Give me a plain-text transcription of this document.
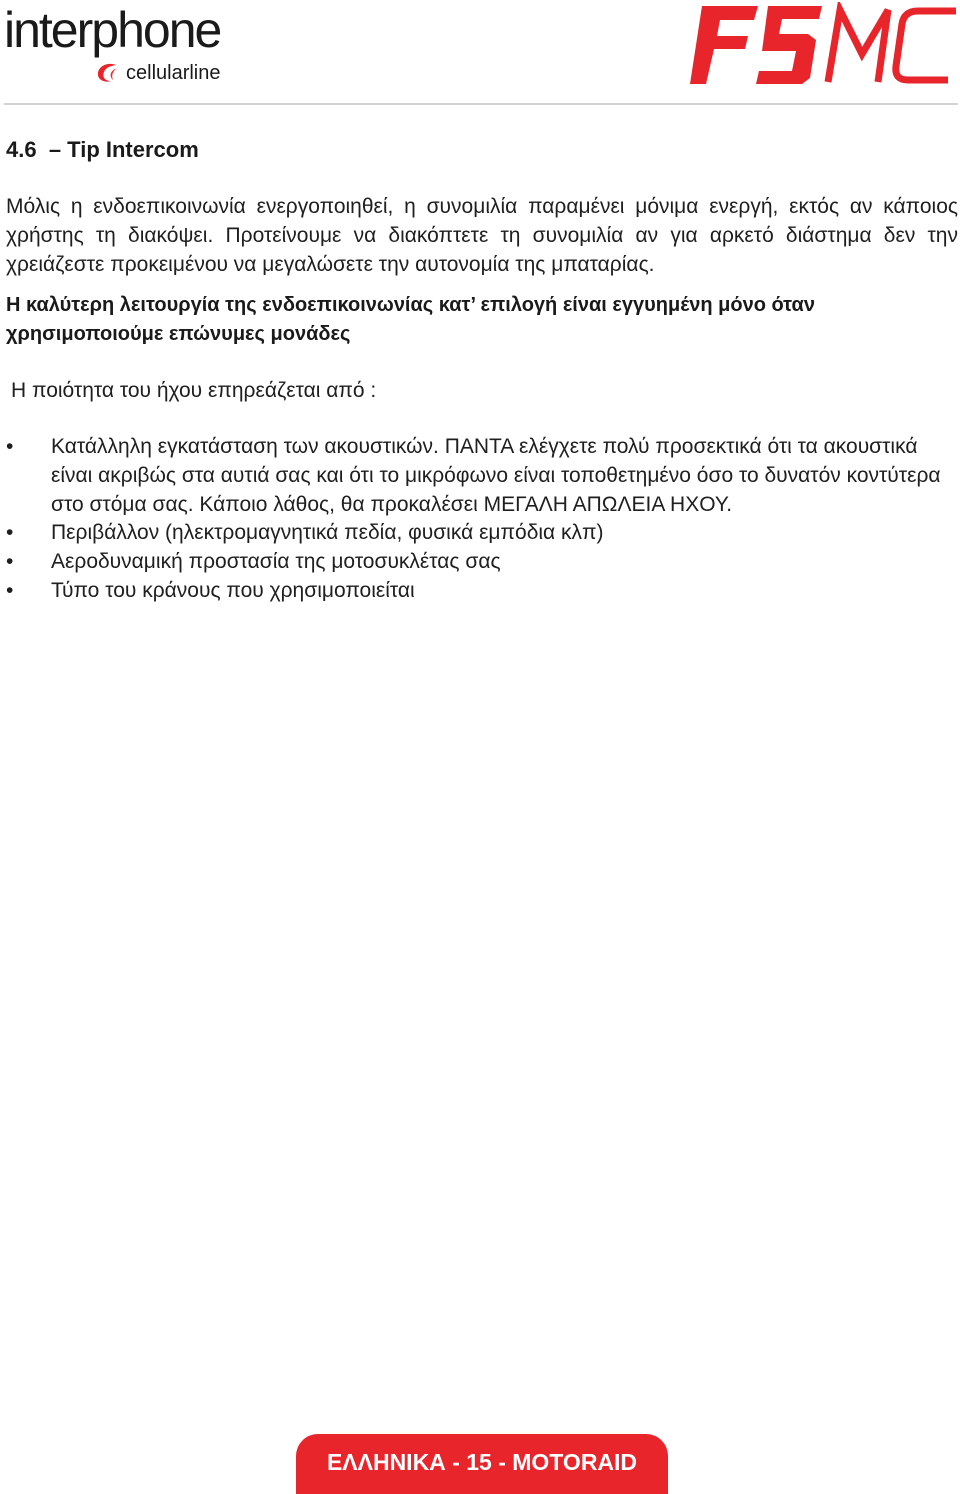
interphone
cellularline
4.6 – Tip Intercom

Μόλις η ενδοεπικοινωνία ενεργοποιηθεί, η συνομιλία παραμένει μόνιμα ενεργή, εκτός αν κάποιος χρήστης τη διακόψει. Προτείνουμε να διακόπτετε τη συνομιλία αν για αρκετό διάστημα δεν την χρειάζεστε προκειμένου να μεγαλώσετε την αυτονομία της μπαταρίας.

Η καλύτερη λειτουργία της ενδοεπικοινωνίας κατ’ επιλογή είναι εγγυημένη μόνο όταν χρησιμοποιούμε επώνυμες μονάδες

Η ποιότητα του ήχου επηρεάζεται από :

• Κατάλληλη εγκατάσταση των ακουστικών. ΠΑΝΤΑ ελέγχετε πολύ προσεκτικά ότι τα ακουστικά είναι ακριβώς στα αυτιά σας και ότι το μικρόφωνο είναι τοποθετημένο όσο το δυνατόν κοντύτερα στο στόμα σας. Κάποιο λάθος, θα προκαλέσει ΜΕΓΑΛΗ ΑΠΩΛΕΙΑ ΗΧΟΥ.
• Περιβάλλον (ηλεκτρομαγνητικά πεδία, φυσικά εμπόδια κλπ)
• Αεροδυναμική προστασία της μοτοσυκλέτας σας
• Τύπο του κράνους που χρησιμοποιείται
ΕΛΛΗΝΙΚΑ - 15 - MOTORAID
